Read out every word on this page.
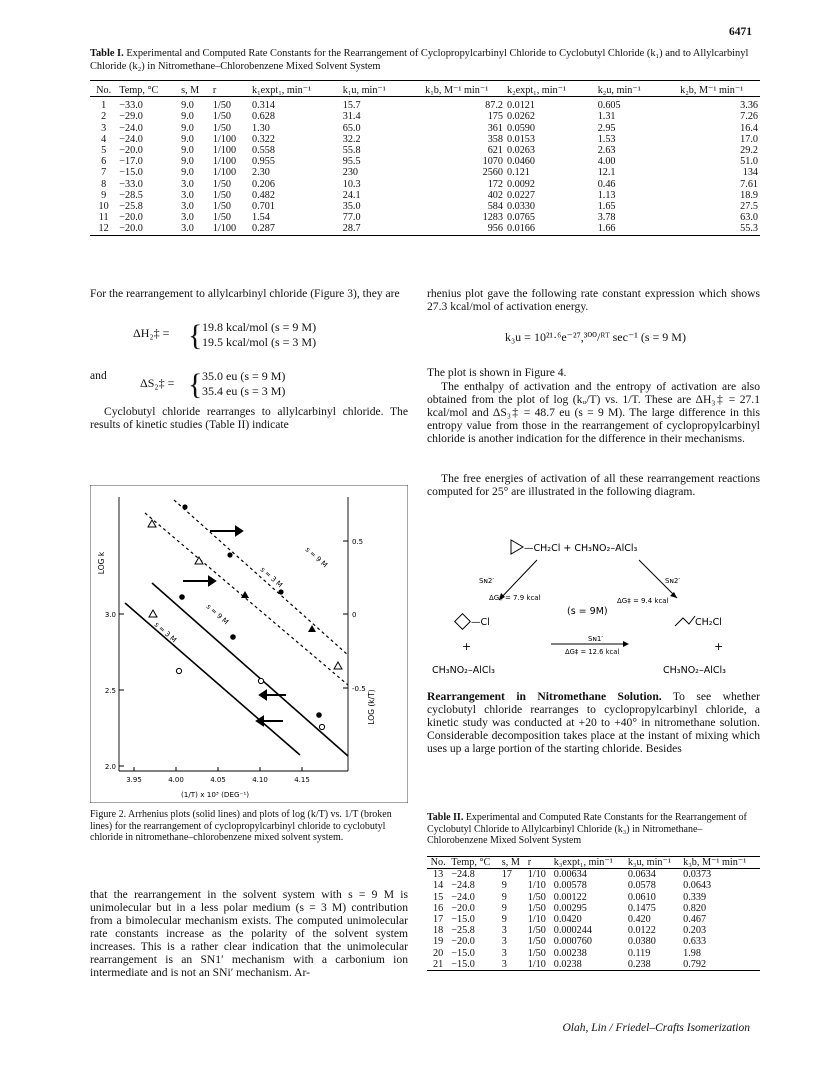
6471
Table I. Experimental and Computed Rate Constants for the Rearrangement of Cyclopropylcarbinyl Chloride to Cyclobutyl Chloride (k₁) and to Allylcarbinyl Chloride (k₂) in Nitromethane–Chlorobenzene Mixed Solvent System
No.	Temp, °C	s, M	r	k₁expt₁, min⁻¹	k₁u, min⁻¹	k₁b, M⁻¹ min⁻¹	k₂expt₁, min⁻¹	k₂u, min⁻¹	k₂b, M⁻¹ min⁻¹
1	−33.0	9.0	1/50	0.314	15.7	87.2	0.0121	0.605	3.36
2	−29.0	9.0	1/50	0.628	31.4	175	0.0262	1.31	7.26
3	−24.0	9.0	1/50	1.30	65.0	361	0.0590	2.95	16.4
4	−24.0	9.0	1/100	0.322	32.2	358	0.0153	1.53	17.0
5	−20.0	9.0	1/100	0.558	55.8	621	0.0263	2.63	29.2
6	−17.0	9.0	1/100	0.955	95.5	1070	0.0460	4.00	51.0
7	−15.0	9.0	1/100	2.30	230	2560	0.121	12.1	134
8	−33.0	3.0	1/50	0.206	10.3	172	0.0092	0.46	7.61
9	−28.5	3.0	1/50	0.482	24.1	402	0.0227	1.13	18.9
10	−25.8	3.0	1/50	0.701	35.0	584	0.0330	1.65	27.5
11	−20.0	3.0	1/50	1.54	77.0	1283	0.0765	3.78	63.0
12	−20.0	3.0	1/100	0.287	28.7	956	0.0166	1.66	55.3
For the rearrangement to allylcarbinyl chloride (Figure 3), they are
ΔH₂‡ = { 19.8 kcal/mol (s = 9 M)
19.5 kcal/mol (s = 3 M)
and
ΔS₂‡ = { 35.0 eu (s = 9 M)
35.4 eu (s = 3 M)
Cyclobutyl chloride rearranges to allylcarbinyl chloride. The results of kinetic studies (Table II) indicate
3.95	4.00	4.05	4.10	4.15
3.0
2.5
2.0
0.5
0
-0.5
LOG k
LOG (k/T)
(1/T) x 10³ (DEG⁻¹)
s = 9 M
s = 3 M
s = 9 M
s = 3 M
Figure 2. Arrhenius plots (solid lines) and plots of log (k/T) vs. 1/T (broken lines) for the rearrangement of cyclopropylcarbinyl chloride to cyclobutyl chloride in nitromethane–chlorobenzene mixed solvent system.
that the rearrangement in the solvent system with s = 9 M is unimolecular but in a less polar medium (s = 3 M) contribution from a bimolecular mechanism exists. The computed unimolecular rate constants increase as the polarity of the solvent system increases. This is a rather clear indication that the unimolecular rearrangement is an SN1′ mechanism with a carbonium ion intermediate and is not an SNi′ mechanism. Ar-
rhenius plot gave the following rate constant expression which shows 27.3 kcal/mol of activation energy.
k₃u = 10²¹·⁶e⁻²⁷,³⁰⁰/ᴿᵀ sec⁻¹ (s = 9 M)
The plot is shown in Figure 4.
The enthalpy of activation and the entropy of activation are also obtained from the plot of log (kᵤ/T) vs. 1/T. These are ΔH₃‡ = 27.1 kcal/mol and ΔS₃‡ = 48.7 eu (s = 9 M). The large difference in this entropy value from those in the rearrangement of cyclopropylcarbinyl chloride is another indication for the difference in their mechanisms.
The free energies of activation of all these rearrangement reactions computed for 25° are illustrated in the following diagram.
—CH₂Cl + CH₃NO₂–AlCl₃
Sɴ2′	Sɴ2′
ΔG‡ = 7.9 kcal	ΔG‡ = 9.4 kcal
(s = 9M)
—Cl	CH₂Cl
Sɴ1′
ΔG‡ = 12.6 kcal
+	+
CH₃NO₂–AlCl₃	CH₃NO₂–AlCl₃
Rearrangement in Nitromethane Solution. To see whether cyclobutyl chloride rearranges to cyclopropylcarbinyl chloride, a kinetic study was conducted at +20 to +40° in nitromethane solution. Considerable decomposition takes place at the instant of mixing which uses up a large portion of the starting chloride. Besides
Table II. Experimental and Computed Rate Constants for the Rearrangement of Cyclobutyl Chloride to Allylcarbinyl Chloride (k₃) in Nitromethane–Chlorobenzene Mixed Solvent System
No.	Temp, °C	s, M	r	k₃expt₁, min⁻¹	k₃u, min⁻¹	k₃b, M⁻¹ min⁻¹
13	−24.8	17	1/10	0.00634	0.0634	0.0373
14	−24.8	9	1/10	0.00578	0.0578	0.0643
15	−24.0	9	1/50	0.00122	0.0610	0.339
16	−20.0	9	1/50	0.00295	0.1475	0.820
17	−15.0	9	1/10	0.0420	0.420	0.467
18	−25.8	3	1/50	0.000244	0.0122	0.203
19	−20.0	3	1/50	0.000760	0.0380	0.633
20	−15.0	3	1/50	0.00238	0.119	1.98
21	−15.0	3	1/10	0.0238	0.238	0.792
Olah, Lin / Friedel–Crafts Isomerization
